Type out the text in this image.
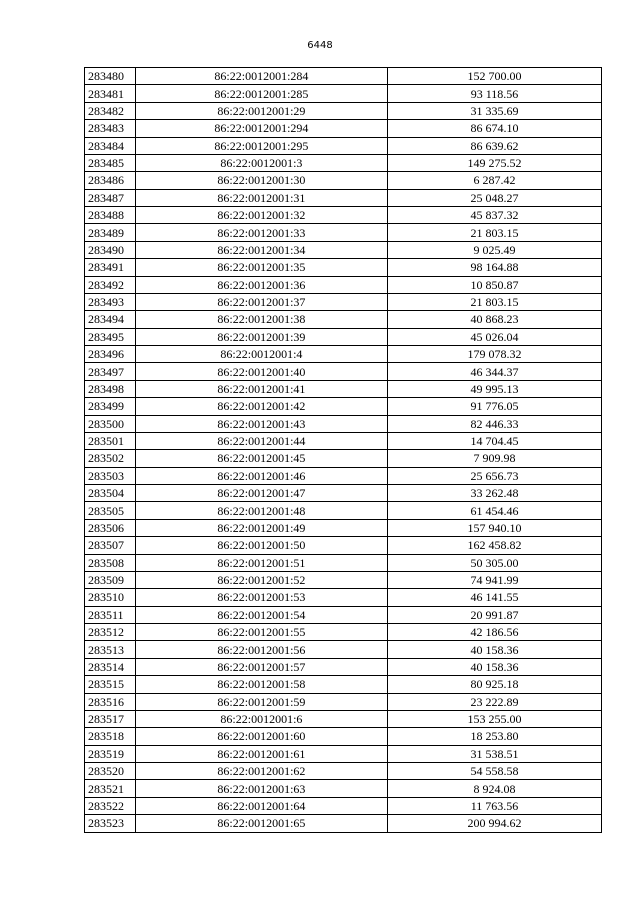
6448
283480	86:22:0012001:284	152 700.00
283481	86:22:0012001:285	93 118.56
283482	86:22:0012001:29	31 335.69
283483	86:22:0012001:294	86 674.10
283484	86:22:0012001:295	86 639.62
283485	86:22:0012001:3	149 275.52
283486	86:22:0012001:30	6 287.42
283487	86:22:0012001:31	25 048.27
283488	86:22:0012001:32	45 837.32
283489	86:22:0012001:33	21 803.15
283490	86:22:0012001:34	9 025.49
283491	86:22:0012001:35	98 164.88
283492	86:22:0012001:36	10 850.87
283493	86:22:0012001:37	21 803.15
283494	86:22:0012001:38	40 868.23
283495	86:22:0012001:39	45 026.04
283496	86:22:0012001:4	179 078.32
283497	86:22:0012001:40	46 344.37
283498	86:22:0012001:41	49 995.13
283499	86:22:0012001:42	91 776.05
283500	86:22:0012001:43	82 446.33
283501	86:22:0012001:44	14 704.45
283502	86:22:0012001:45	7 909.98
283503	86:22:0012001:46	25 656.73
283504	86:22:0012001:47	33 262.48
283505	86:22:0012001:48	61 454.46
283506	86:22:0012001:49	157 940.10
283507	86:22:0012001:50	162 458.82
283508	86:22:0012001:51	50 305.00
283509	86:22:0012001:52	74 941.99
283510	86:22:0012001:53	46 141.55
283511	86:22:0012001:54	20 991.87
283512	86:22:0012001:55	42 186.56
283513	86:22:0012001:56	40 158.36
283514	86:22:0012001:57	40 158.36
283515	86:22:0012001:58	80 925.18
283516	86:22:0012001:59	23 222.89
283517	86:22:0012001:6	153 255.00
283518	86:22:0012001:60	18 253.80
283519	86:22:0012001:61	31 538.51
283520	86:22:0012001:62	54 558.58
283521	86:22:0012001:63	8 924.08
283522	86:22:0012001:64	11 763.56
283523	86:22:0012001:65	200 994.62
